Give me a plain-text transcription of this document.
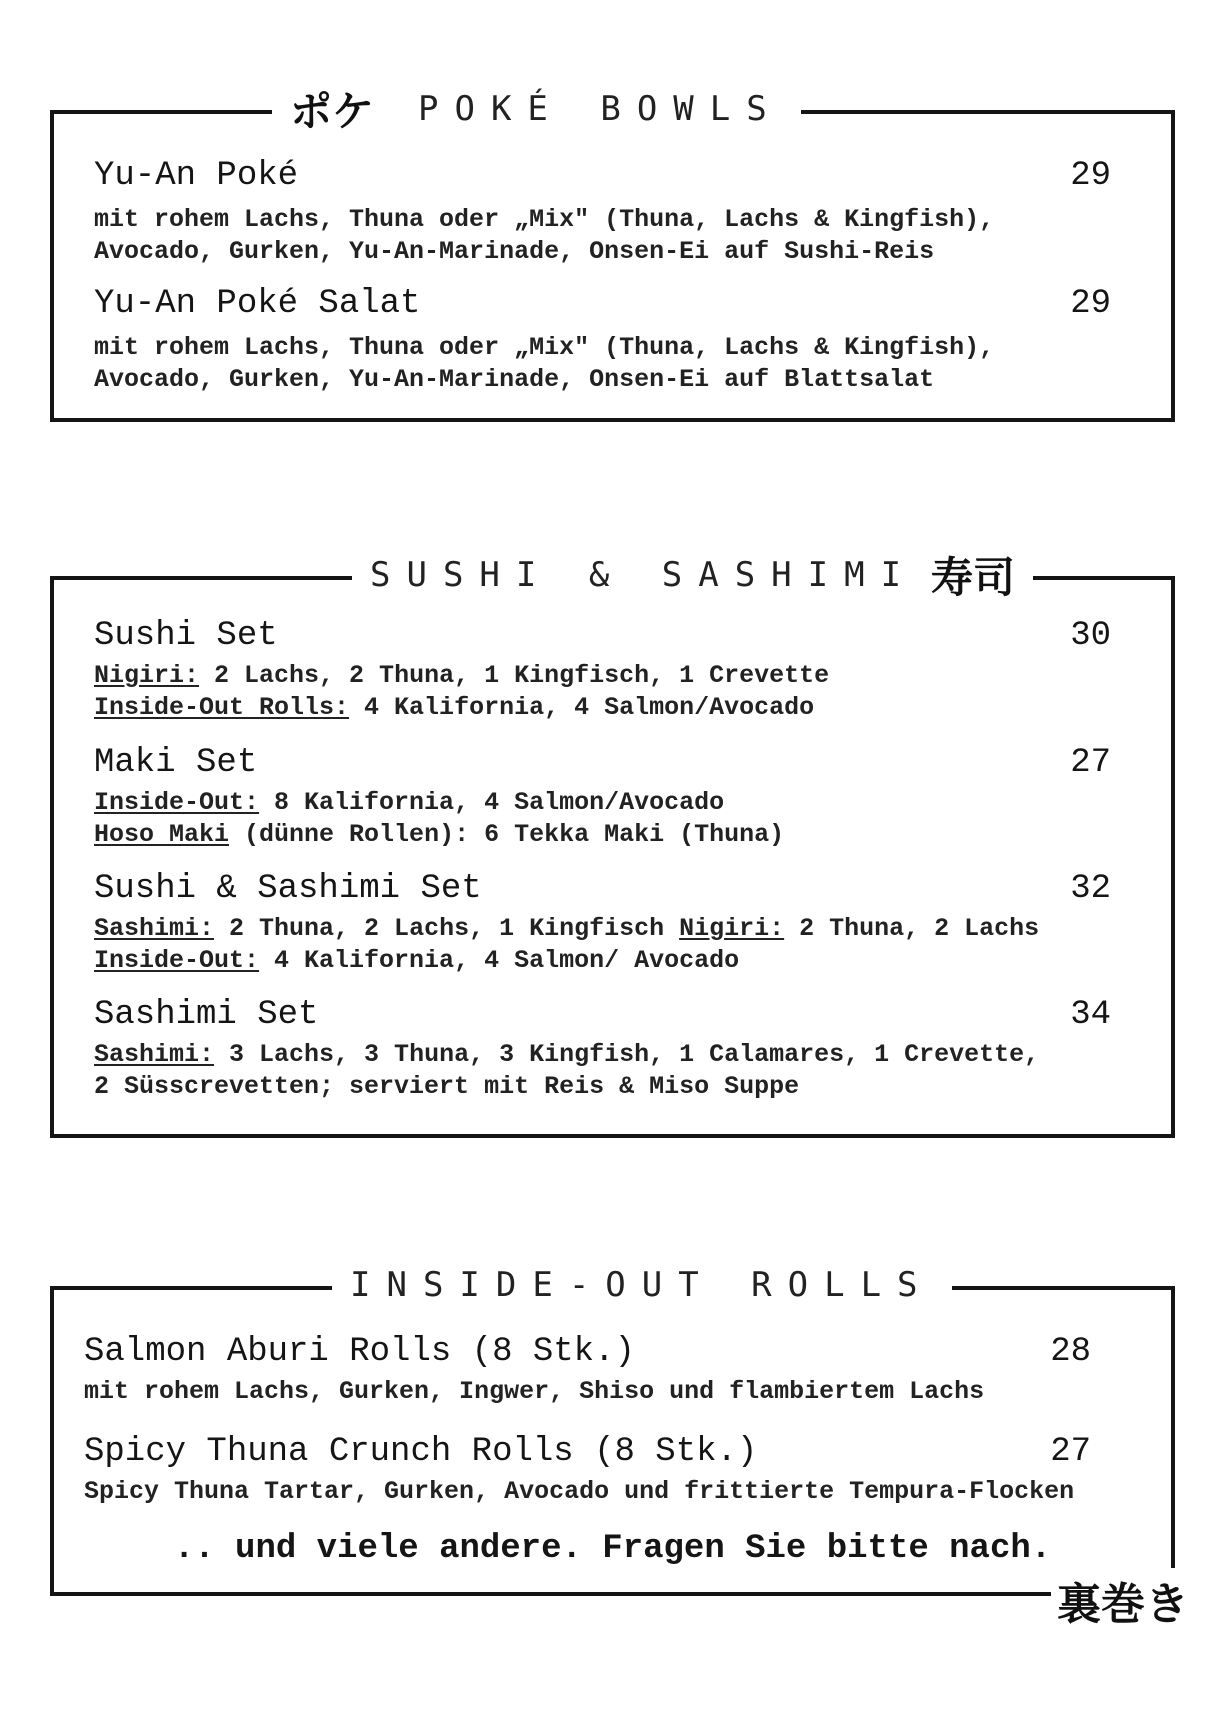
ポケ POKÉ BOWLS
Yu-An Poké	29
mit rohem Lachs, Thuna oder „Mix" (Thuna, Lachs & Kingfish),
Avocado, Gurken, Yu-An-Marinade, Onsen-Ei auf Sushi-Reis
Yu-An Poké Salat	29
mit rohem Lachs, Thuna oder „Mix" (Thuna, Lachs & Kingfish),
Avocado, Gurken, Yu-An-Marinade, Onsen-Ei auf Blattsalat
SUSHI & SASHIMI 寿司
Sushi Set	30
Nigiri: 2 Lachs, 2 Thuna, 1 Kingfisch, 1 Crevette
Inside-Out Rolls: 4 Kalifornia, 4 Salmon/Avocado
Maki Set	27
Inside-Out: 8 Kalifornia, 4 Salmon/Avocado
Hoso Maki (dünne Rollen): 6 Tekka Maki (Thuna)
Sushi & Sashimi Set	32
Sashimi: 2 Thuna, 2 Lachs, 1 Kingfisch Nigiri: 2 Thuna, 2 Lachs
Inside-Out: 4 Kalifornia, 4 Salmon/ Avocado
Sashimi Set	34
Sashimi: 3 Lachs, 3 Thuna, 3 Kingfish, 1 Calamares, 1 Crevette,
2 Süsscrevetten; serviert mit Reis & Miso Suppe
INSIDE-OUT ROLLS
Salmon Aburi Rolls (8 Stk.)	28
mit rohem Lachs, Gurken, Ingwer, Shiso und flambiertem Lachs
Spicy Thuna Crunch Rolls (8 Stk.)	27
Spicy Thuna Tartar, Gurken, Avocado und frittierte Tempura-Flocken
.. und viele andere. Fragen Sie bitte nach.
裏巻き
